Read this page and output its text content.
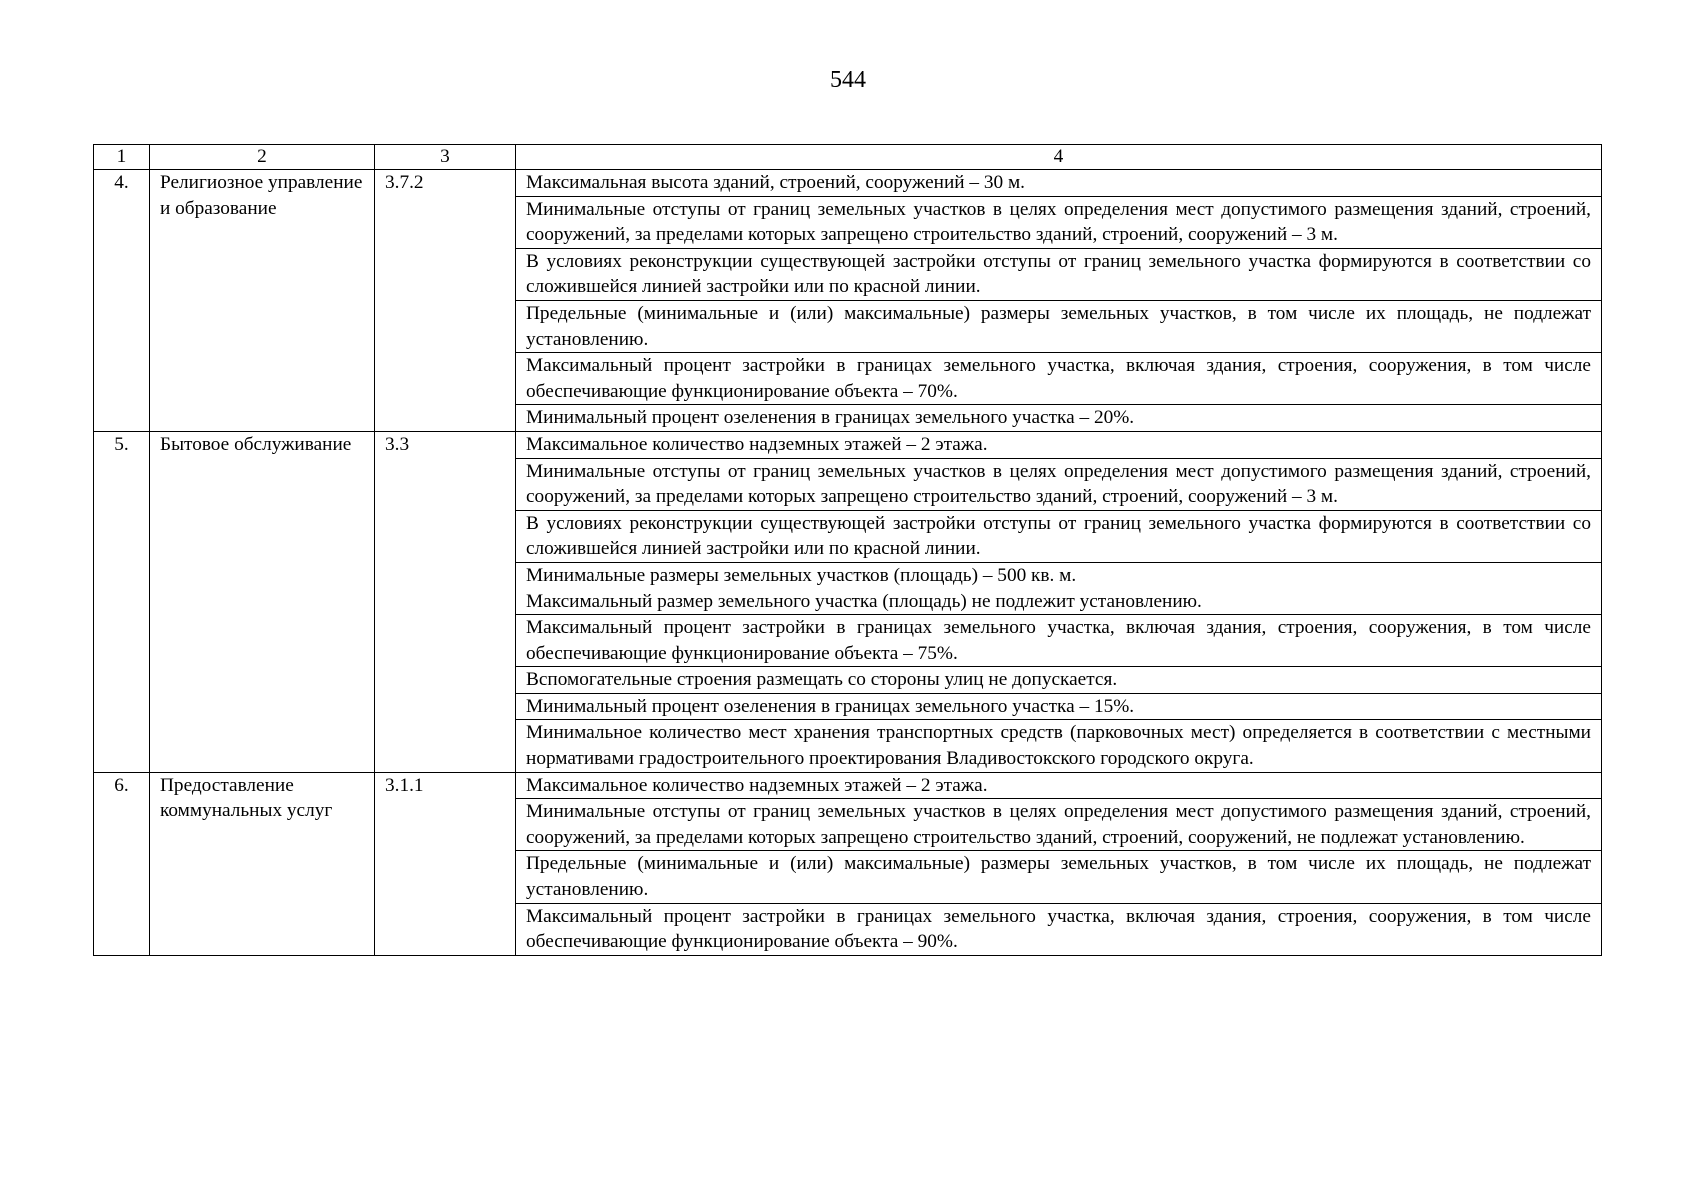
544
1	2	3	4
4.	Религиозное управление и образование	3.7.2	Максимальная высота зданий, строений, сооружений – 30 м.

			Минимальные отступы от границ земельных участков в целях определения мест допустимого размещения зданий, строений, сооружений, за пределами которых запрещено строительство зданий, строений, сооружений – 3 м.

			В условиях реконструкции существующей застройки отступы от границ земельного участка формируются в соответствии со сложившейся линией застройки или по красной линии.

			Предельные (минимальные и (или) максимальные) размеры земельных участков, в том числе их площадь, не подлежат установлению.

			Максимальный процент застройки в границах земельного участка, включая здания, строения, сооружения, в том числе обеспечивающие функционирование объекта – 70%.

			Минимальный процент озеленения в границах земельного участка – 20%.

5.	Бытовое обслуживание	3.3	Максимальное количество надземных этажей – 2 этажа.

			Минимальные отступы от границ земельных участков в целях определения мест допустимого размещения зданий, строений, сооружений, за пределами которых запрещено строительство зданий, строений, сооружений – 3 м.

			В условиях реконструкции существующей застройки отступы от границ земельного участка формируются в соответствии со сложившейся линией застройки или по красной линии.

			Минимальные размеры земельных участков (площадь) – 500 кв. м.
Максимальный размер земельного участка (площадь) не подлежит установлению.

			Максимальный процент застройки в границах земельного участка, включая здания, строения, сооружения, в том числе обеспечивающие функционирование объекта – 75%.

			Вспомогательные строения размещать со стороны улиц не допускается.

			Минимальный процент озеленения в границах земельного участка – 15%.

			Минимальное количество мест хранения транспортных средств (парковочных мест) определяется в соответствии с местными нормативами градостроительного проектирования Владивостокского городского округа.

6.	Предоставление коммунальных услуг	3.1.1	Максимальное количество надземных этажей – 2 этажа.

			Минимальные отступы от границ земельных участков в целях определения мест допустимого размещения зданий, строений, сооружений, за пределами которых запрещено строительство зданий, строений, сооружений, не подлежат установлению.

			Предельные (минимальные и (или) максимальные) размеры земельных участков, в том числе их площадь, не подлежат установлению.

			Максимальный процент застройки в границах земельного участка, включая здания, строения, сооружения, в том числе обеспечивающие функционирование объекта – 90%.
